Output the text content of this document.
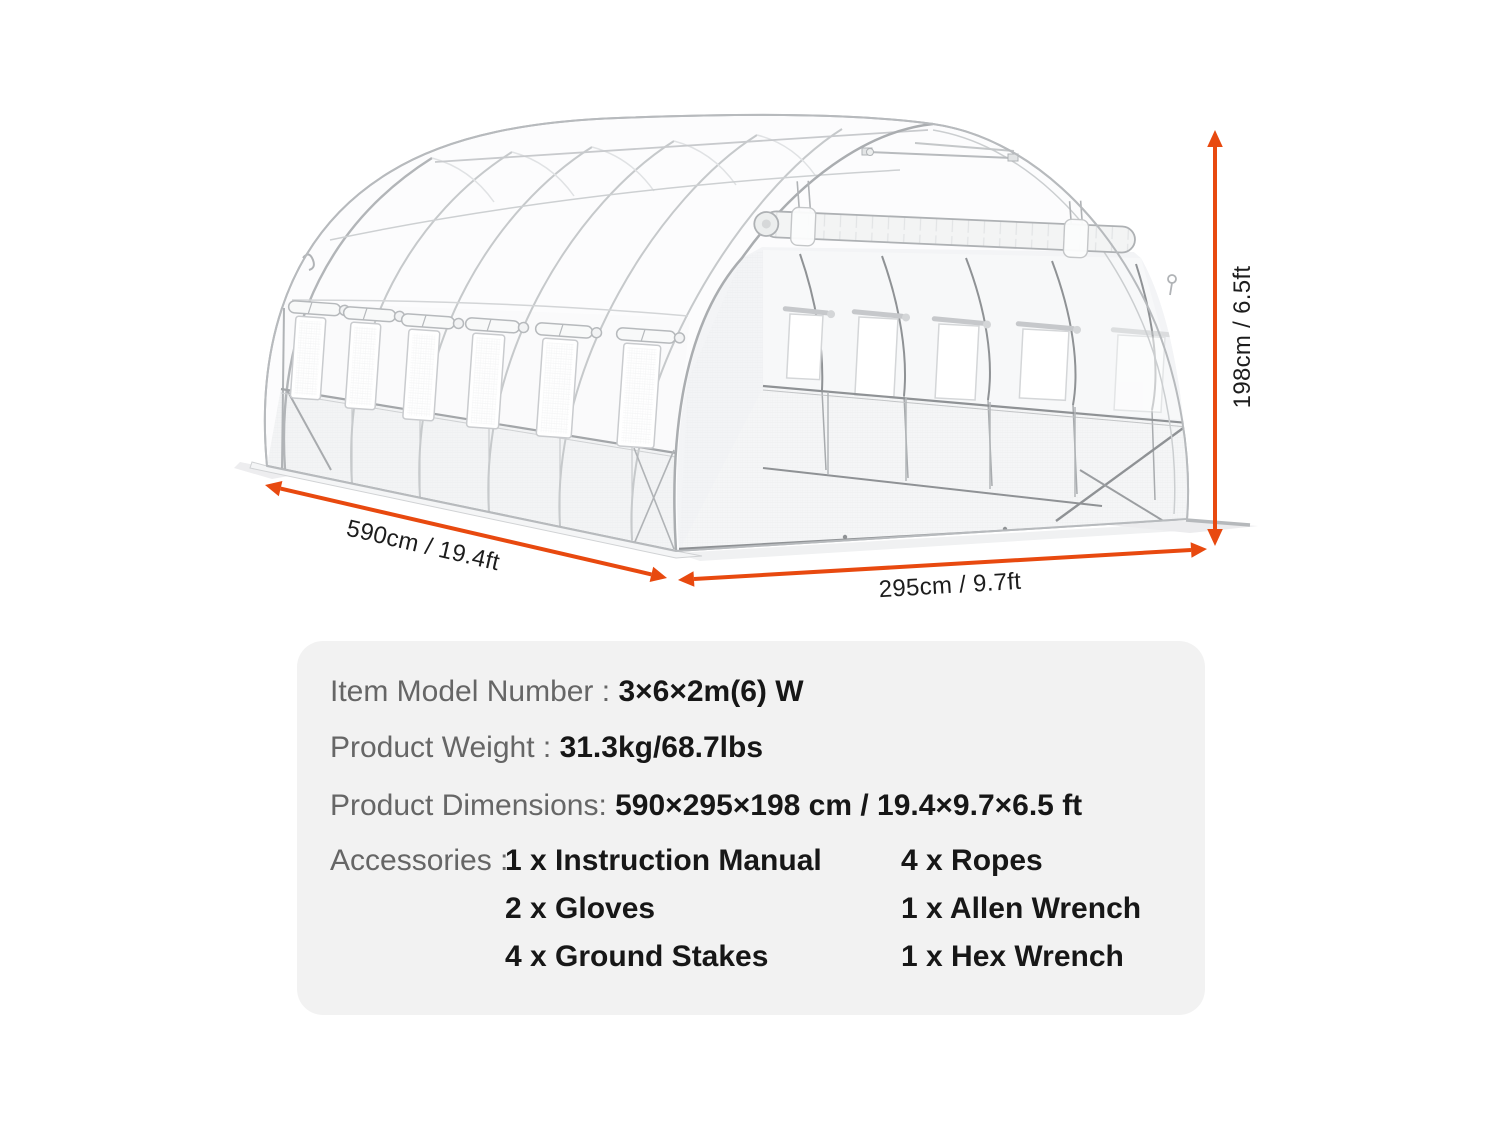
590cm / 19.4ft
295cm / 9.7ft
198cm / 6.5ft
Item Model Number : 3×6×2m(6) W
Product Weight : 31.3kg/68.7lbs
Product Dimensions: 590×295×198 cm / 19.4×9.7×6.5 ft
Accessories :
1 x Instruction Manual	4 x Ropes
2 x Gloves	1 x Allen Wrench
4 x Ground Stakes	1 x Hex Wrench
